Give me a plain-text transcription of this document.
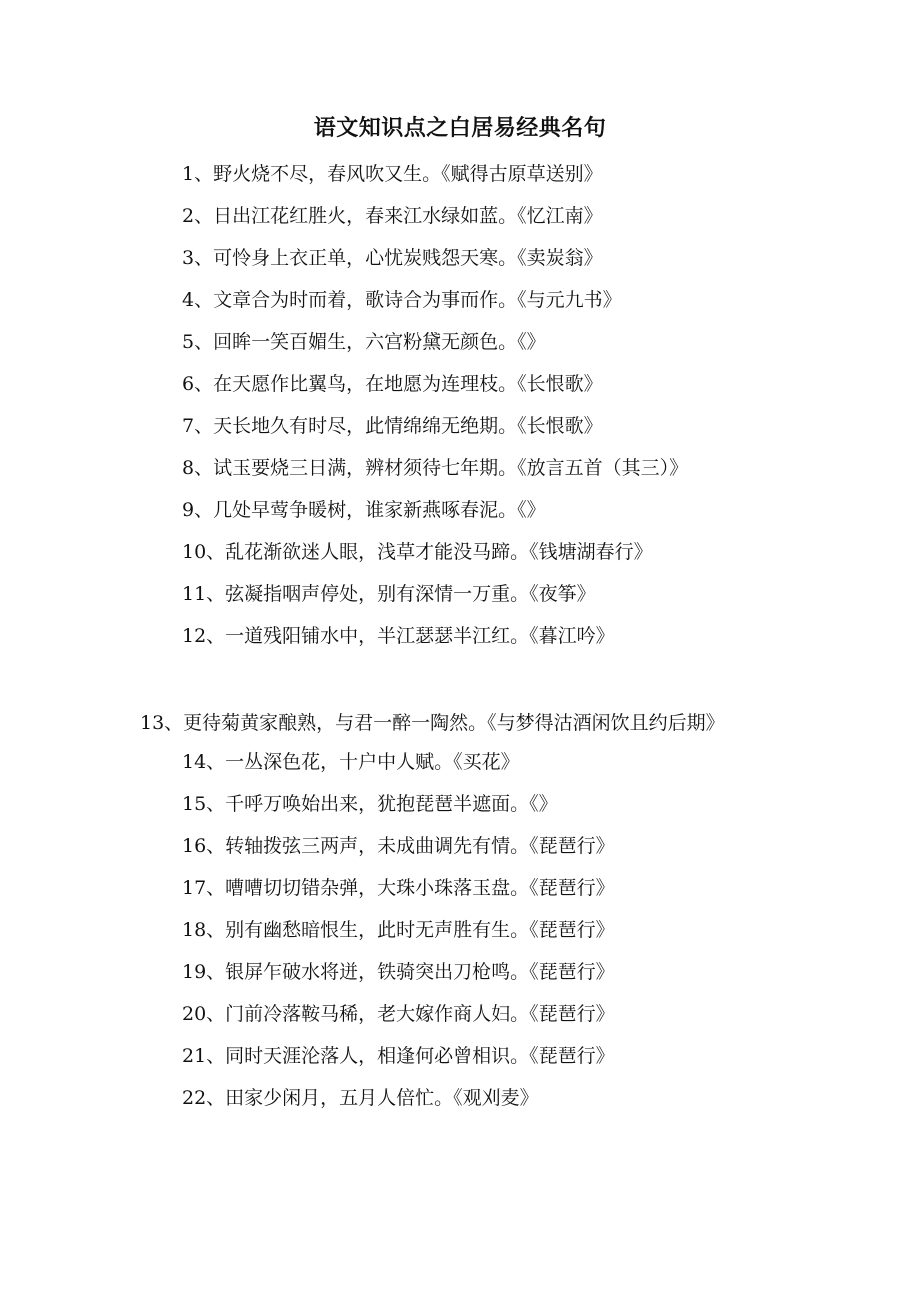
语文知识点之白居易经典名句
1、野火烧不尽，春风吹又生。《赋得古原草送别》
2、日出江花红胜火，春来江水绿如蓝。《忆江南》
3、可怜身上衣正单，心忧炭贱怨天寒。《卖炭翁》
4、文章合为时而着，歌诗合为事而作。《与元九书》
5、回眸一笑百媚生，六宫粉黛无颜色。《》
6、在天愿作比翼鸟，在地愿为连理枝。《长恨歌》
7、天长地久有时尽，此情绵绵无绝期。《长恨歌》
8、试玉要烧三日满，辨材须待七年期。《放言五首（其三）》
9、几处早莺争暖树，谁家新燕啄春泥。《》
10、乱花渐欲迷人眼，浅草才能没马蹄。《钱塘湖春行》
11、弦凝指咽声停处，别有深情一万重。《夜筝》
12、一道残阳铺水中，半江瑟瑟半江红。《暮江吟》
13、更待菊黄家酿熟，与君一醉一陶然。《与梦得沽酒闲饮且约后期》
14、一丛深色花，十户中人赋。《买花》
15、千呼万唤始出来，犹抱琵琶半遮面。《》
16、转轴拨弦三两声，未成曲调先有情。《琵琶行》
17、嘈嘈切切错杂弹，大珠小珠落玉盘。《琵琶行》
18、别有幽愁暗恨生，此时无声胜有生。《琵琶行》
19、银屏乍破水将迸，铁骑突出刀枪鸣。《琵琶行》
20、门前冷落鞍马稀，老大嫁作商人妇。《琵琶行》
21、同时天涯沦落人，相逢何必曾相识。《琵琶行》
22、田家少闲月，五月人倍忙。《观刈麦》
